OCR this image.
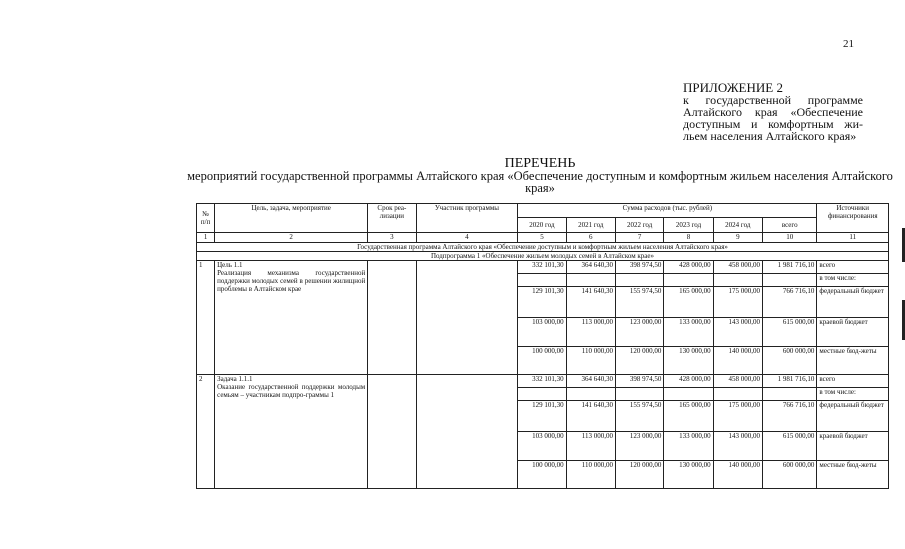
21
ПРИЛОЖЕНИЕ 2
к государственной программе Алтайского края «Обеспечение доступным и комфортным жи-льем населения Алтайского края»
ПЕРЕЧЕНЬ
мероприятий государственной программы Алтайского края «Обеспечение доступным и комфортным жильем населения Алтайского края»
№ п/п	Цель, задача, мероприятие	Срок реа-лизации	Участник программы	Сумма расходов (тыс. рублей)						Источники финансирования
				2020 год	2021 год	2022 год	2023 год	2024 год	всего	
1	2	3	4	5	6	7	8	9	10	11
Государственная программа Алтайского края «Обеспечение доступным и комфортным жильем населения Алтайского края»										
Подпрограмма 1 «Обеспечение жильем молодых семей в Алтайском крае»										
1	Цель 1.1
Реализация механизма государственной поддержки молодых семей в решении жилищной проблемы в Алтайском крае			332 101,30	364 640,30	398 974,50	428 000,00	458 000,00	1 981 716,10	всего
										в том числе:
				129 101,30	141 640,30	155 974,50	165 000,00	175 000,00	766 716,10	федеральный бюджет
				103 000,00	113 000,00	123 000,00	133 000,00	143 000,00	615 000,00	краевой бюджет
				100 000,00	110 000,00	120 000,00	130 000,00	140 000,00	600 000,00	местные бюд-жеты
2	Задача 1.1.1
Оказание государственной поддержки молодым семьям – участникам подпро-граммы 1			332 101,30	364 640,30	398 974,50	428 000,00	458 000,00	1 981 716,10	всего
										в том числе:
				129 101,30	141 640,30	155 974,50	165 000,00	175 000,00	766 716,10	федеральный бюджет
				103 000,00	113 000,00	123 000,00	133 000,00	143 000,00	615 000,00	краевой бюджет
				100 000,00	110 000,00	120 000,00	130 000,00	140 000,00	600 000,00	местные бюд-жеты
